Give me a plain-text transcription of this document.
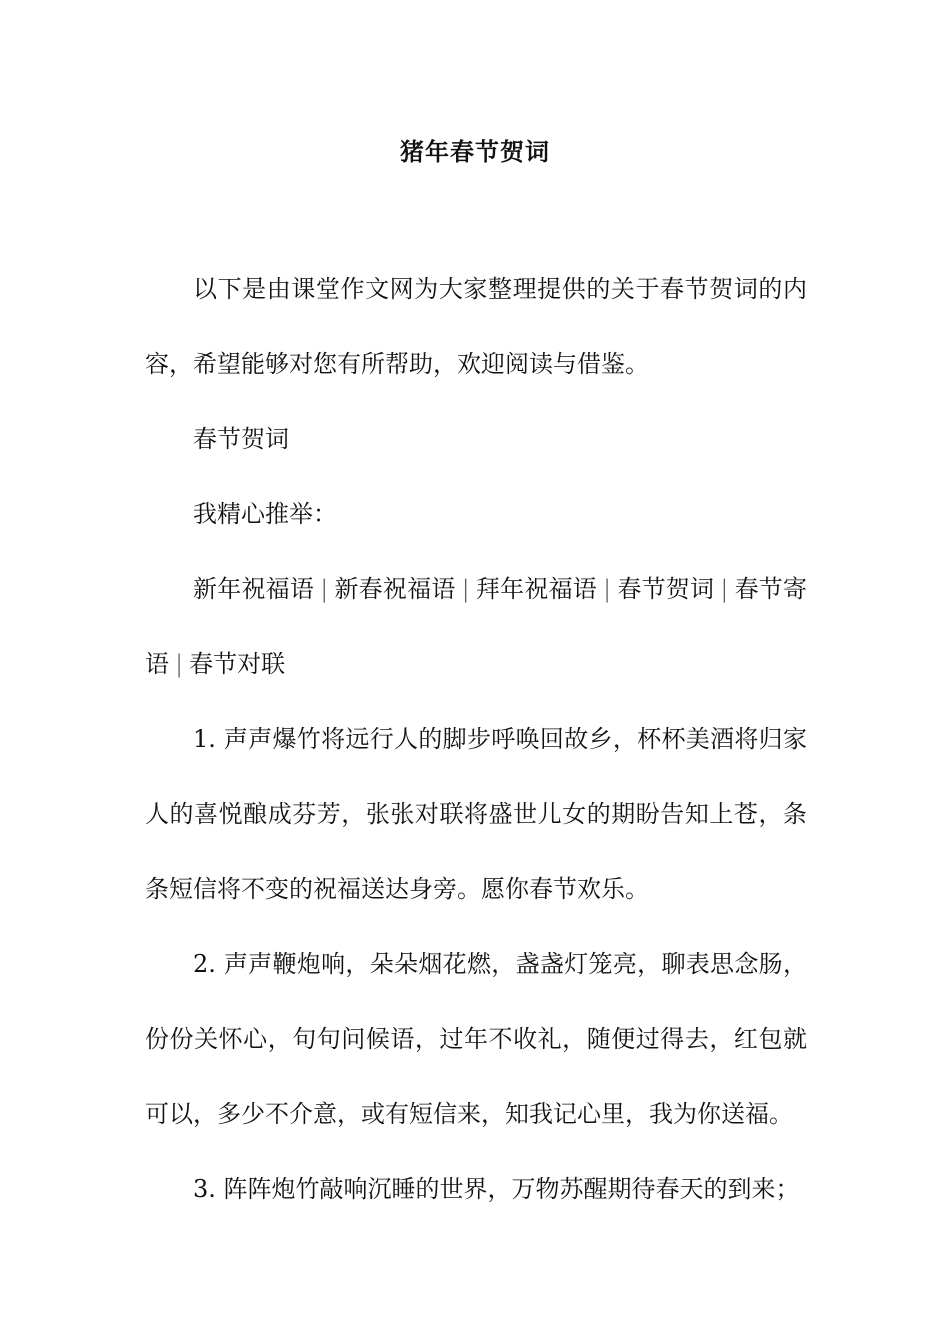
猪年春节贺词

以下是由课堂作文网为大家整理提供的关于春节贺词的内容，希望能够对您有所帮助，欢迎阅读与借鉴。

春节贺词

我精心推举：

新年祝福语 | 新春祝福语 | 拜年祝福语 | 春节贺词 | 春节寄语 | 春节对联

1. 声声爆竹将远行人的脚步呼唤回故乡，杯杯美酒将归家人的喜悦酿成芬芳，张张对联将盛世儿女的期盼告知上苍，条条短信将不变的祝福送达身旁。愿你春节欢乐。

2. 声声鞭炮响，朵朵烟花燃，盏盏灯笼亮，聊表思念肠，份份关怀心，句句问候语，过年不收礼，随便过得去，红包就可以，多少不介意，或有短信来，知我记心里，我为你送福。

3. 阵阵炮竹敲响沉睡的世界，万物苏醒期待春天的到来；
